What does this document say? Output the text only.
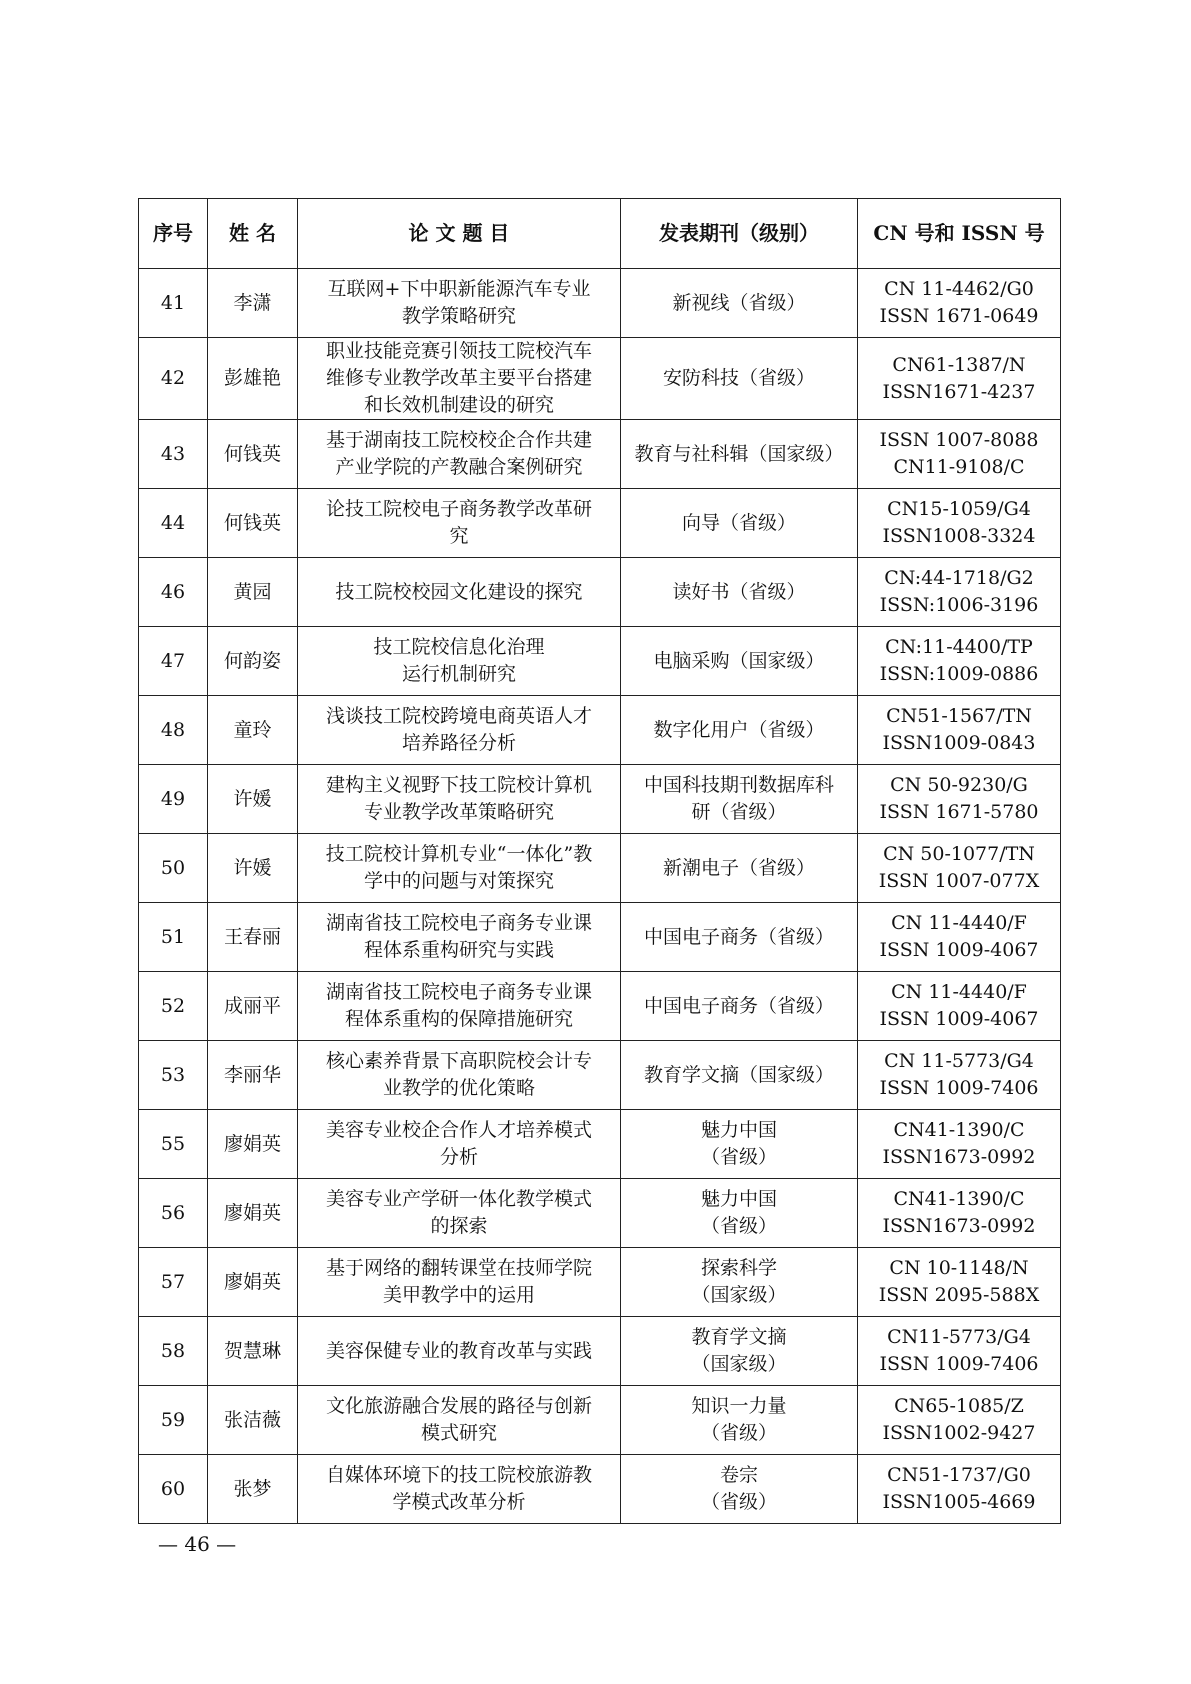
序号	姓 名	论 文 题 目	发表期刊（级别）	CN 号和 ISSN 号
41	李潇	互联网+下中职新能源汽车专业
教学策略研究	新视线（省级）	CN 11-4462/G0
ISSN 1671-0649

42	彭雄艳	职业技能竞赛引领技工院校汽车
维修专业教学改革主要平台搭建
和长效机制建设的研究	安防科技（省级）	CN61-1387/N
ISSN1671-4237

43	何钱英	基于湖南技工院校校企合作共建
产业学院的产教融合案例研究	教育与社科辑（国家级）	ISSN 1007-8088
CN11-9108/C

44	何钱英	论技工院校电子商务教学改革研
究	向导（省级）	CN15-1059/G4
ISSN1008-3324

46	黄园	技工院校校园文化建设的探究	读好书（省级）	CN:44-1718/G2
ISSN:1006-3196

47	何韵姿	技工院校信息化治理
运行机制研究	电脑采购（国家级）	CN:11-4400/TP
ISSN:1009-0886

48	童玲	浅谈技工院校跨境电商英语人才
培养路径分析	数字化用户（省级）	CN51-1567/TN
ISSN1009-0843

49	许媛	建构主义视野下技工院校计算机
专业教学改革策略研究	中国科技期刊数据库科
研（省级）	CN 50-9230/G
ISSN 1671-5780

50	许媛	技工院校计算机专业“一体化”教
学中的问题与对策探究	新潮电子（省级）	CN 50-1077/TN
ISSN 1007-077X

51	王春丽	湖南省技工院校电子商务专业课
程体系重构研究与实践	中国电子商务（省级）	CN 11-4440/F
ISSN 1009-4067

52	成丽平	湖南省技工院校电子商务专业课
程体系重构的保障措施研究	中国电子商务（省级）	CN 11-4440/F
ISSN 1009-4067

53	李丽华	核心素养背景下高职院校会计专
业教学的优化策略	教育学文摘（国家级）	CN 11-5773/G4
ISSN 1009-7406

55	廖娟英	美容专业校企合作人才培养模式
分析	魅力中国
（省级）	CN41-1390/C
ISSN1673-0992

56	廖娟英	美容专业产学研一体化教学模式
的探索	魅力中国
（省级）	CN41-1390/C
ISSN1673-0992

57	廖娟英	基于网络的翻转课堂在技师学院
美甲教学中的运用	探索科学
（国家级）	CN 10-1148/N
ISSN 2095-588X

58	贺慧琳	美容保健专业的教育改革与实践	教育学文摘
（国家级）	CN11-5773/G4
ISSN 1009-7406

59	张洁薇	文化旅游融合发展的路径与创新
模式研究	知识一力量
（省级）	CN65-1085/Z
ISSN1002-9427

60	张梦	自媒体环境下的技工院校旅游教
学模式改革分析	卷宗
（省级）	CN51-1737/G0
ISSN1005-4669
— 46 —
